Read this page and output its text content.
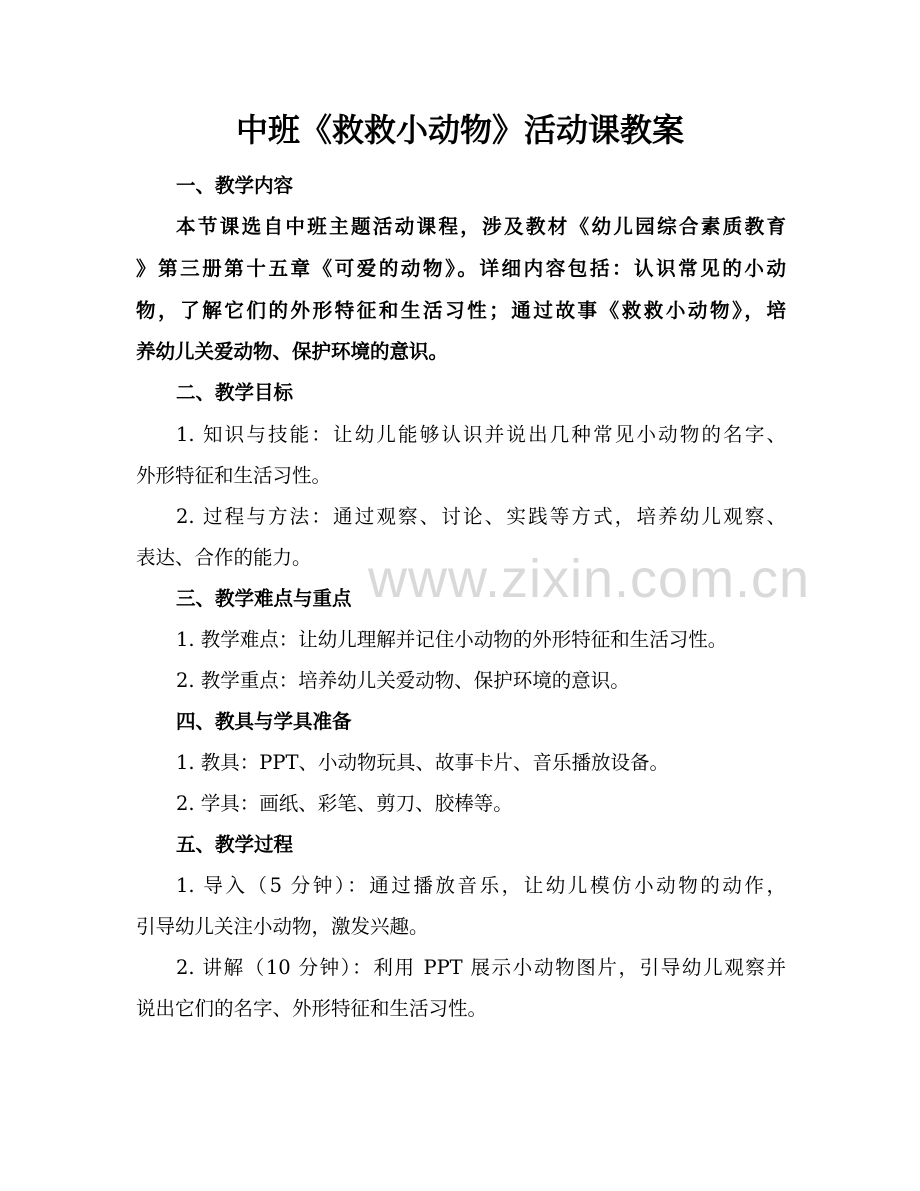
www.zixin.com.cn
中班《救救小动物》活动课教案
一、教学内容
本节课选自中班主题活动课程，涉及教材《幼儿园综合素质教育
》第三册第十五章《可爱的动物》。详细内容包括：认识常见的小动
物，了解它们的外形特征和生活习性；通过故事《救救小动物》，培
养幼儿关爱动物、保护环境的意识。
二、教学目标
1. 知识与技能：让幼儿能够认识并说出几种常见小动物的名字、
外形特征和生活习性。
2. 过程与方法：通过观察、讨论、实践等方式，培养幼儿观察、
表达、合作的能力。
三、教学难点与重点
1. 教学难点：让幼儿理解并记住小动物的外形特征和生活习性。
2. 教学重点：培养幼儿关爱动物、保护环境的意识。
四、教具与学具准备
1. 教具：PPT、小动物玩具、故事卡片、音乐播放设备。
2. 学具：画纸、彩笔、剪刀、胶棒等。
五、教学过程
1. 导入（5 分钟）：通过播放音乐，让幼儿模仿小动物的动作，
引导幼儿关注小动物，激发兴趣。
2. 讲解（10 分钟）：利用 PPT 展示小动物图片，引导幼儿观察并
说出它们的名字、外形特征和生活习性。
